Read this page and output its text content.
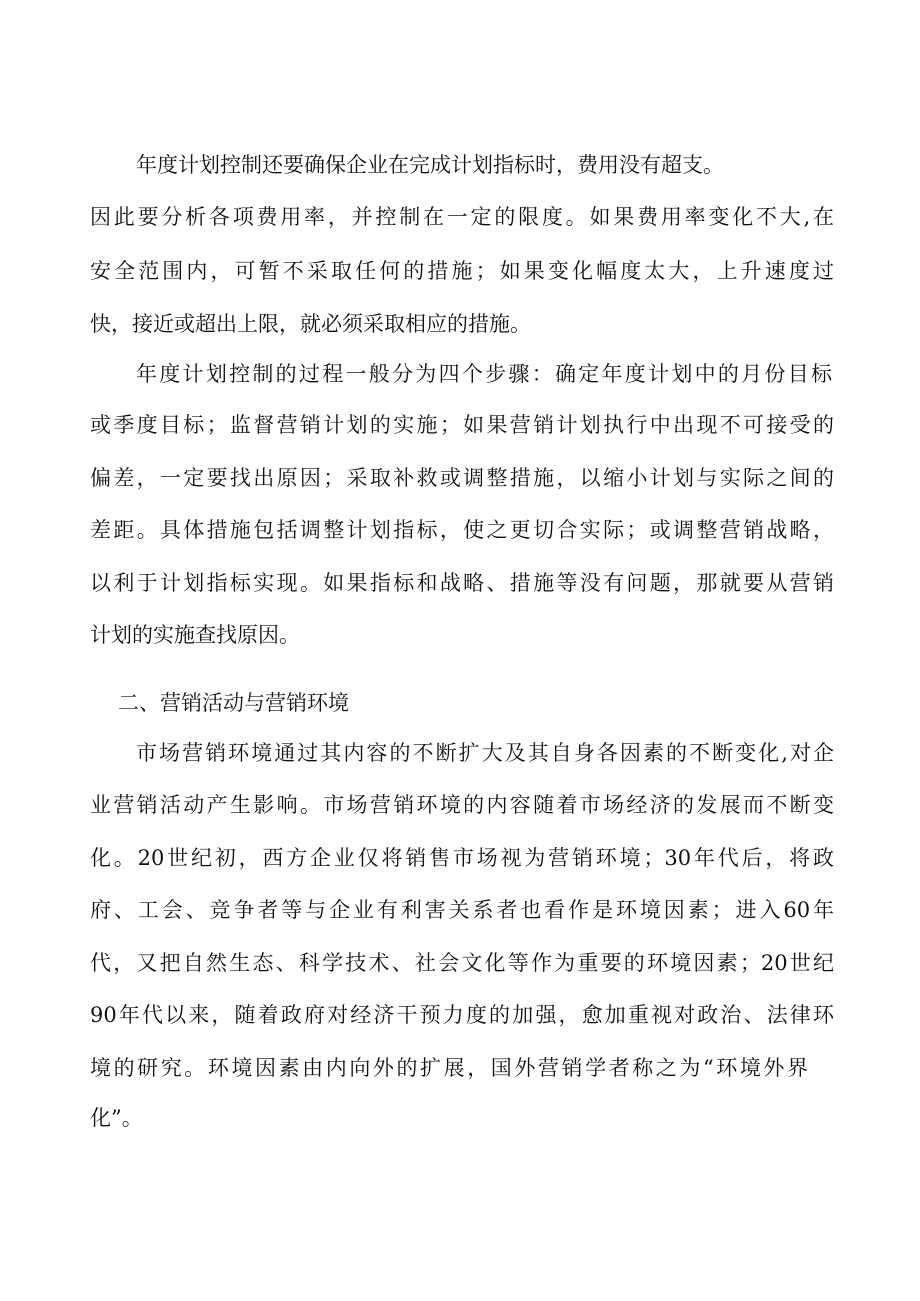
年度计划控制还要确保企业在完成计划指标时，费用没有超支。

因此要分析各项费用率，并控制在一定的限度。如果费用率变化不大,在

安全范围内，可暂不采取任何的措施；如果变化幅度太大，上升速度过

快，接近或超出上限，就必须采取相应的措施。

年度计划控制的过程一般分为四个步骤：确定年度计划中的月份目标

或季度目标；监督营销计划的实施；如果营销计划执行中出现不可接受的

偏差，一定要找出原因；采取补救或调整措施，以缩小计划与实际之间的

差距。具体措施包括调整计划指标，使之更切合实际；或调整营销战略，

以利于计划指标实现。如果指标和战略、措施等没有问题，那就要从营销

计划的实施查找原因。

二、营销活动与营销环境

市场营销环境通过其内容的不断扩大及其自身各因素的不断变化,对企

业营销活动产生影响。市场营销环境的内容随着市场经济的发展而不断变

化。20世纪初，西方企业仅将销售市场视为营销环境；30年代后，将政

府、工会、竞争者等与企业有利害关系者也看作是环境因素；进入60年

代，又把自然生态、科学技术、社会文化等作为重要的环境因素；20世纪

90年代以来，随着政府对经济干预力度的加强，愈加重视对政治、法律环

境的研究。环境因素由内向外的扩展，国外营销学者称之为“环境外界

化”。
